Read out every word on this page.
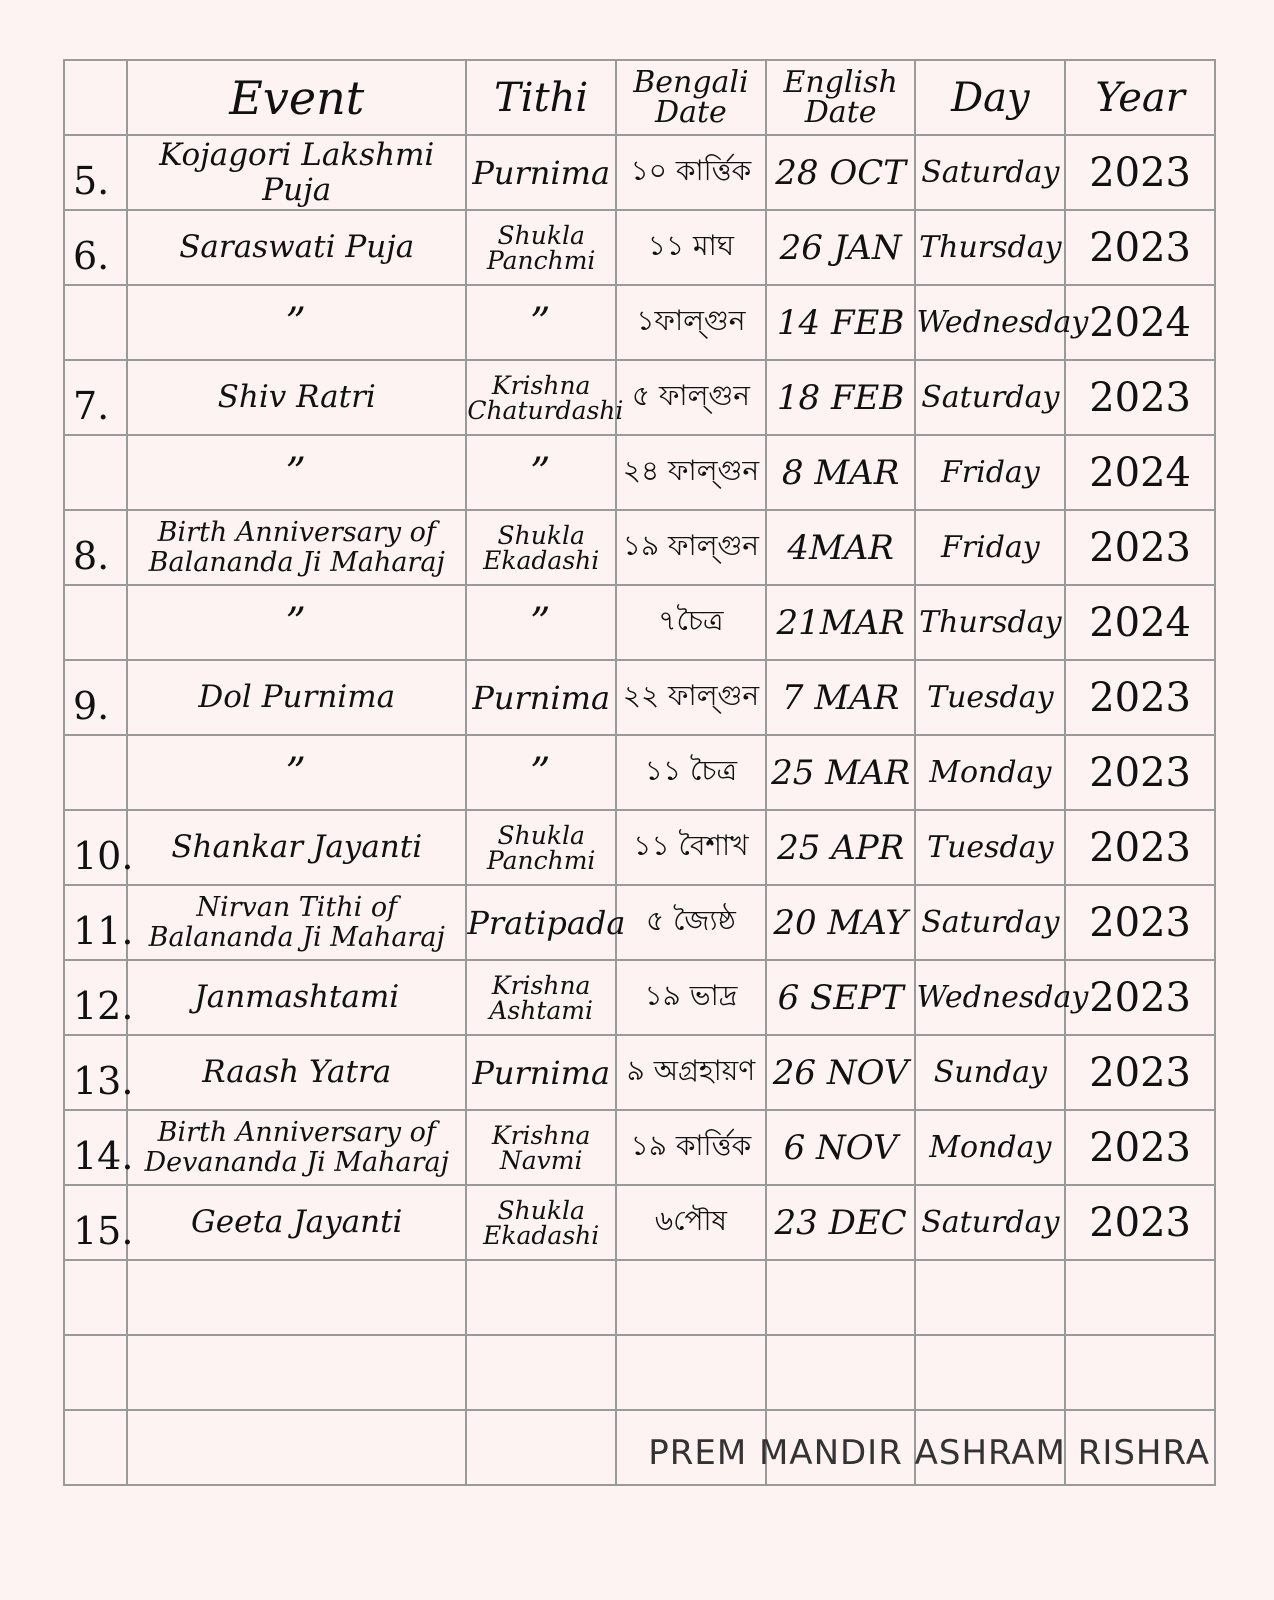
	Event	Tithi	Bengali Date	English Date	Day	Year
5.	Kojagori Lakshmi Puja	Purnima	১০ কার্ত্তিক	28 OCT	Saturday	2023
6.	Saraswati Puja	Shukla Panchmi	১১ মাঘ	26 JAN	Thursday	2023
	”	”	১ফাল্গুন	14 FEB	Wednesday	2024
7.	Shiv Ratri	Krishna Chaturdashi	৫ ফাল্গুন	18 FEB	Saturday	2023
	”	”	২৪ ফাল্গুন	8 MAR	Friday	2024
8.	Birth Anniversary of Balananda Ji Maharaj	Shukla Ekadashi	১৯ ফাল্গুন	4MAR	Friday	2023
	”	”	৭চৈত্র	21MAR	Thursday	2024
9.	Dol Purnima	Purnima	২২ ফাল্গুন	7 MAR	Tuesday	2023
	”	”	১১ চৈত্র	25 MAR	Monday	2023
10.	Shankar Jayanti	Shukla Panchmi	১১ বৈশাখ	25 APR	Tuesday	2023
11.	Nirvan Tithi of Balananda Ji Maharaj	Pratipada	৫ জ্যৈষ্ঠ	20 MAY	Saturday	2023
12.	Janmashtami	Krishna Ashtami	১৯ ভাদ্র	6 SEPT	Wednesday	2023
13.	Raash Yatra	Purnima	৯ অগ্রহায়ণ	26 NOV	Sunday	2023
14.	Birth Anniversary of Devananda Ji Maharaj	Krishna Navmi	১৯ কার্ত্তিক	6 NOV	Monday	2023
15.	Geeta Jayanti	Shukla Ekadashi	৬পৌষ	23 DEC	Saturday	2023

PREM MANDIR ASHRAM RISHRA
